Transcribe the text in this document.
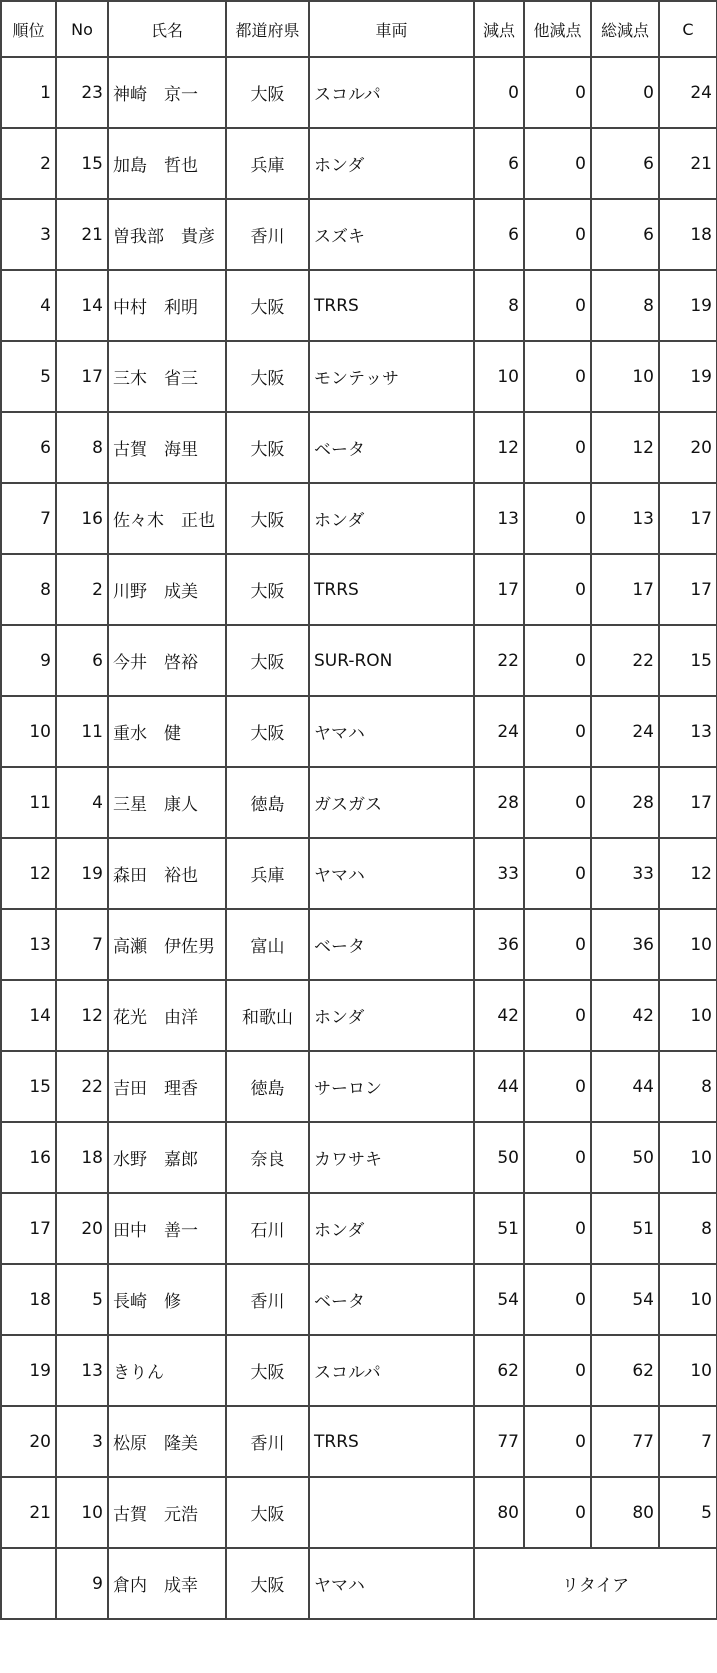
順位	No	氏名	都道府県	車両	減点	他減点	総減点	C
1	23	神崎　京一	大阪	スコルパ	0	0	0	24
2	15	加島　哲也	兵庫	ホンダ	6	0	6	21
3	21	曽我部　貴彦	香川	スズキ	6	0	6	18
4	14	中村　利明	大阪	TRRS	8	0	8	19
5	17	三木　省三	大阪	モンテッサ	10	0	10	19
6	8	古賀　海里	大阪	ベータ	12	0	12	20
7	16	佐々木　正也	大阪	ホンダ	13	0	13	17
8	2	川野　成美	大阪	TRRS	17	0	17	17
9	6	今井　啓裕	大阪	SUR-RON	22	0	22	15
10	11	重水　健	大阪	ヤマハ	24	0	24	13
11	4	三星　康人	徳島	ガスガス	28	0	28	17
12	19	森田　裕也	兵庫	ヤマハ	33	0	33	12
13	7	高瀬　伊佐男	富山	ベータ	36	0	36	10
14	12	花光　由洋	和歌山	ホンダ	42	0	42	10
15	22	吉田　理香	徳島	サーロン	44	0	44	8
16	18	水野　嘉郎	奈良	カワサキ	50	0	50	10
17	20	田中　善一	石川	ホンダ	51	0	51	8
18	5	長崎　修	香川	ベータ	54	0	54	10
19	13	きりん	大阪	スコルパ	62	0	62	10
20	3	松原　隆美	香川	TRRS	77	0	77	7
21	10	古賀　元浩	大阪		80	0	80	5
	9	倉内　成幸	大阪	ヤマハ	リタイア			
